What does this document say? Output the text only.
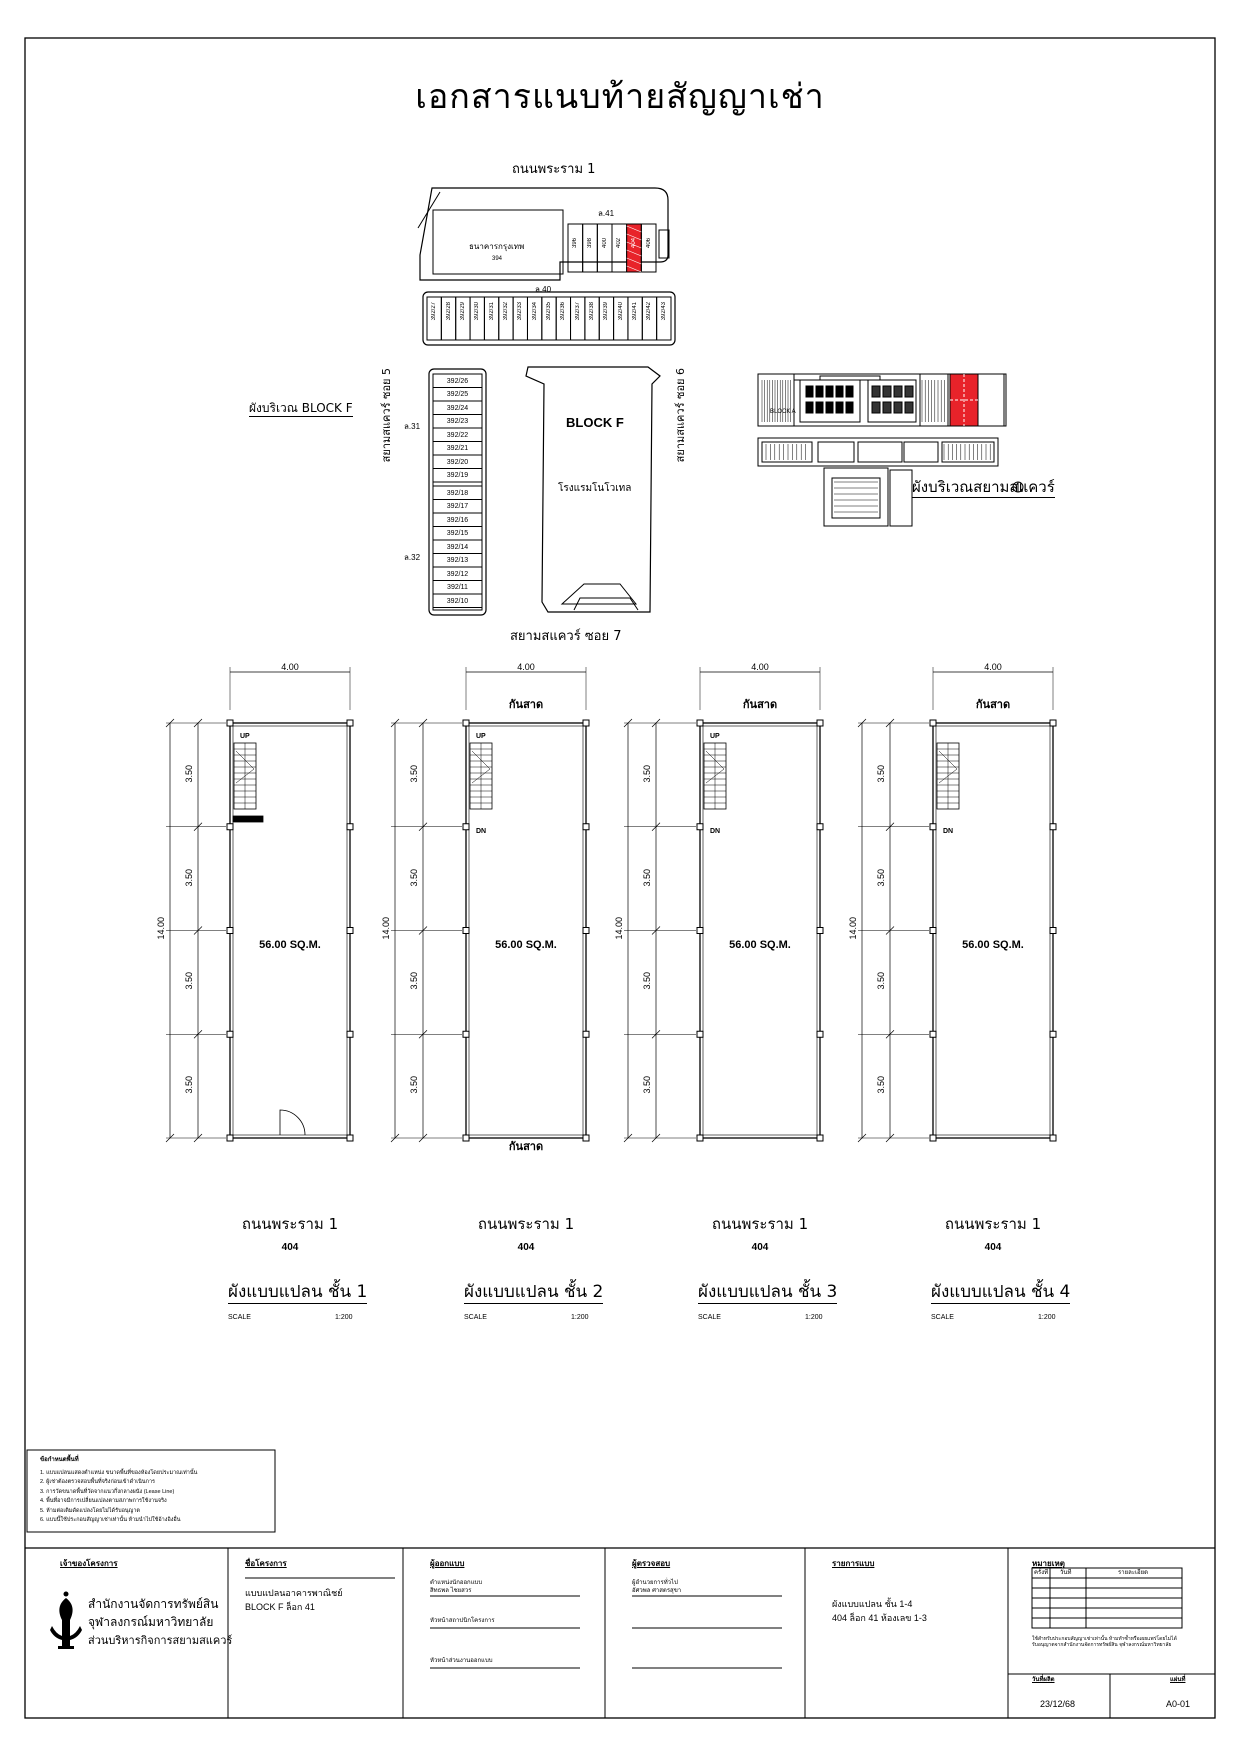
เอกสารแนบท้ายสัญญาเช่า
ถนนพระราม 1
ล.41
ล.40
ธนาคารกรุงเทพ
394
ล.31
ล.32
BLOCK F
โรงแรมโนโวเทล
สยามสแควร์ ซอย 7
สยามสแควร์ ซอย 5	สยามสแควร์ ซอย 6
ผังบริเวณ BLOCK F	BLOCK A
ผังบริเวณสยามสแควร์
4.00
14.00
3.50
3.50
3.50
3.50
UP
56.00 SQ.M.
ถนนพระราม 1
404
ผังแบบแปลน ชั้น 1
SCALE	1:200
4.00
14.00
3.50
3.50
3.50
3.50
UP
DN
56.00 SQ.M.
กันสาด
กันสาด
ถนนพระราม 1
404
ผังแบบแปลน ชั้น 2
SCALE	1:200
4.00
14.00
3.50
3.50
3.50
3.50
UP
DN
56.00 SQ.M.
กันสาด
ถนนพระราม 1
404
ผังแบบแปลน ชั้น 3
SCALE	1:200
4.00
14.00
3.50
3.50
3.50
3.50
DN
56.00 SQ.M.
กันสาด
ถนนพระราม 1
404
ผังแบบแปลน ชั้น 4
SCALE	1:200
ข้อกำหนดพื้นที่
1. แบบแปลนแสดงตำแหน่ง ขนาดพื้นที่ของห้องโดยประมาณเท่านั้น
2. ผู้เช่าต้องตรวจสอบพื้นที่จริงก่อนเข้าดำเนินการ
3. การวัดขนาดพื้นที่วัดจากแนวกึ่งกลางผนัง (Lease Line)
4. พื้นที่อาจมีการเปลี่ยนแปลงตามสภาพการใช้งานจริง
5. ห้ามต่อเติมดัดแปลงโดยไม่ได้รับอนุญาต
6. แบบนี้ใช้ประกอบสัญญาเช่าเท่านั้น ห้ามนำไปใช้อ้างอิงอื่น
เจ้าของโครงการ
สำนักงานจัดการทรัพย์สิน
จุฬาลงกรณ์มหาวิทยาลัย
ส่วนบริหารกิจการสยามสแควร์
ชื่อโครงการ
แบบแปลนอาคารพาณิชย์
BLOCK F ล็อก 41
ผู้ออกแบบ
ตำแหน่งนักออกแบบ
สิทธพล ไชยสวร
หัวหน้าสถาปนิกโครงการ
หัวหน้าส่วนงานออกแบบ
ผู้ตรวจสอบ
ผู้อำนวยการทั่วไป
อัศวพล ศาสตรสุขา
รายการแบบ
ผังแบบแปลน ชั้น 1-4
404 ล็อก 41 ห้องเลข 1-3
หมายเหตุ
ครั้งที่ วันที่	รายละเอียด
ใช้สำหรับประกอบสัญญาเช่าเท่านั้น ห้ามทำซ้ำหรือเผยแพร่โดยไม่ได้รับอนุญาตจากสำนักงานจัดการทรัพย์สิน จุฬาลงกรณ์มหาวิทยาลัย
วันที่ผลิต
23/12/68
แผ่นที่
A0-01
396 398 400 402 404 406
392/27 392/28 392/29 392/30 392/31 392/32 392/33 392/34 392/35 392/36 392/37 392/38 392/39 392/40 392/41 392/42 392/43
392/26
392/25
392/24
392/23
392/22
392/21
392/20
392/19
392/18
392/17
392/16
392/15
392/14
392/13
392/12
392/11
392/10
